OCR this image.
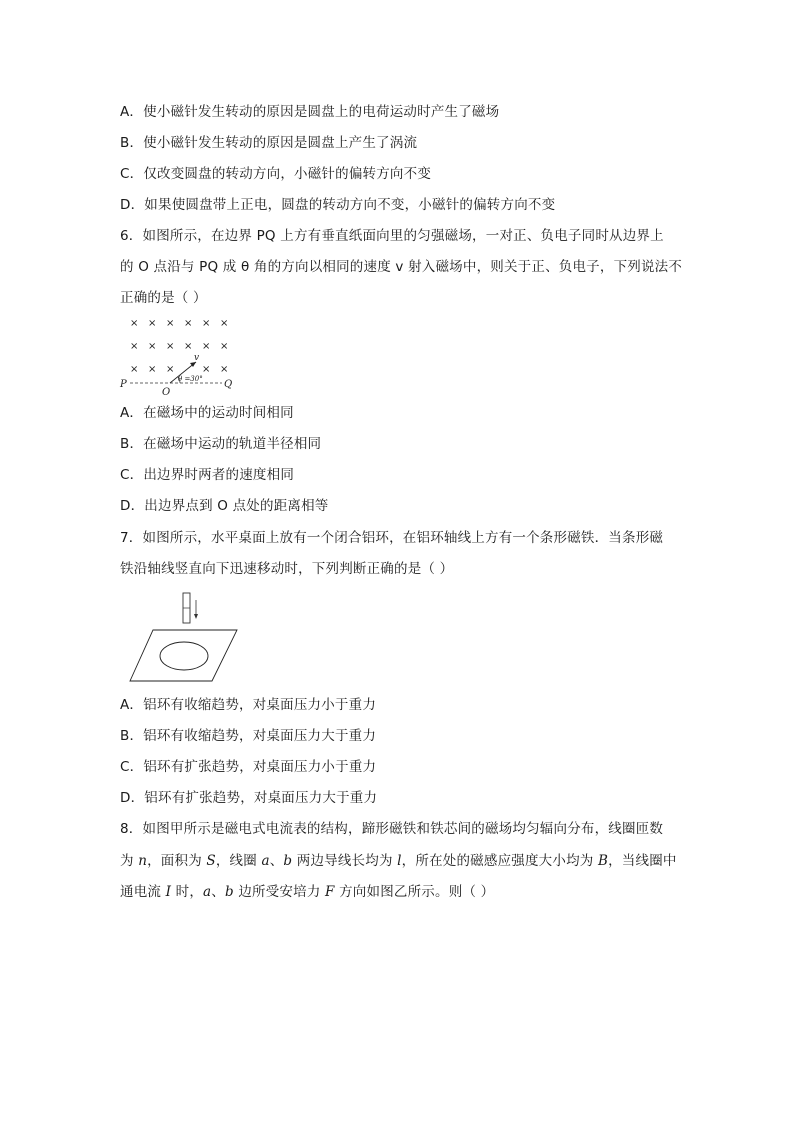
A．使小磁针发生转动的原因是圆盘上的电荷运动时产生了磁场
B．使小磁针发生转动的原因是圆盘上产生了涡流
C．仅改变圆盘的转动方向，小磁针的偏转方向不变
D．如果使圆盘带上正电，圆盘的转动方向不变，小磁针的偏转方向不变
6．如图所示，在边界 PQ 上方有垂直纸面向里的匀强磁场，一对正、负电子同时从边界上
的 O 点沿与 PQ 成 θ 角的方向以相同的速度 v 射入磁场中，则关于正、负电子，下列说法不
正确的是（ ）
× × × × × ×
× × × × × ×
× × ×	× ×
P	Q
O
v
θ =30°
A．在磁场中的运动时间相同
B．在磁场中运动的轨道半径相同
C．出边界时两者的速度相同
D．出边界点到 O 点处的距离相等
7．如图所示，水平桌面上放有一个闭合铝环，在铝环轴线上方有一个条形磁铁．当条形磁
铁沿轴线竖直向下迅速移动时，下列判断正确的是（ ）
A．铝环有收缩趋势，对桌面压力小于重力
B．铝环有收缩趋势，对桌面压力大于重力
C．铝环有扩张趋势，对桌面压力小于重力
D．铝环有扩张趋势，对桌面压力大于重力
8．如图甲所示是磁电式电流表的结构，蹄形磁铁和铁芯间的磁场均匀辐向分布，线圈匝数
为 n，面积为 S，线圈 a、b 两边导线长均为 l，所在处的磁感应强度大小均为 B，当线圈中
通电流 I 时，a、b 边所受安培力 F 方向如图乙所示。则（ ）
